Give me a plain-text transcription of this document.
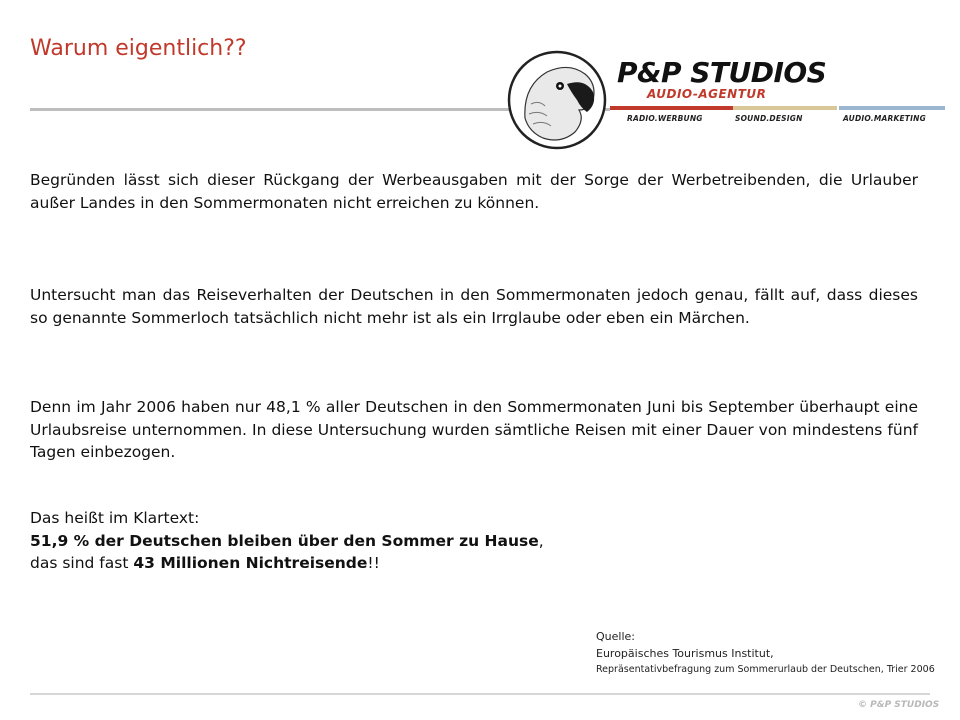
Warum eigentlich??
P&P STUDIOS
AUDIO-AGENTUR
RADIO.WERBUNG	SOUND.DESIGN	AUDIO.MARKETING
Begründen lässt sich dieser Rückgang der Werbeausgaben mit der Sorge der Werbetreibenden, die Urlauber außer Landes in den Sommermonaten nicht erreichen zu können.
Untersucht man das Reiseverhalten der Deutschen in den Sommermonaten jedoch genau, fällt auf, dass dieses so genannte Sommerloch tatsächlich nicht mehr ist als ein Irrglaube oder eben ein Märchen.
Denn im Jahr 2006 haben nur 48,1 % aller Deutschen in den Sommermonaten Juni bis September überhaupt eine Urlaubsreise unternommen. In diese Untersuchung wurden sämtliche Reisen mit einer Dauer von mindestens fünf Tagen einbezogen.
Das heißt im Klartext:
51,9 % der Deutschen bleiben über den Sommer zu Hause,
das sind fast 43 Millionen Nichtreisende!!
Quelle:
Europäisches Tourismus Institut,
Repräsentativbefragung zum Sommerurlaub der Deutschen, Trier 2006
© P&P STUDIOS
